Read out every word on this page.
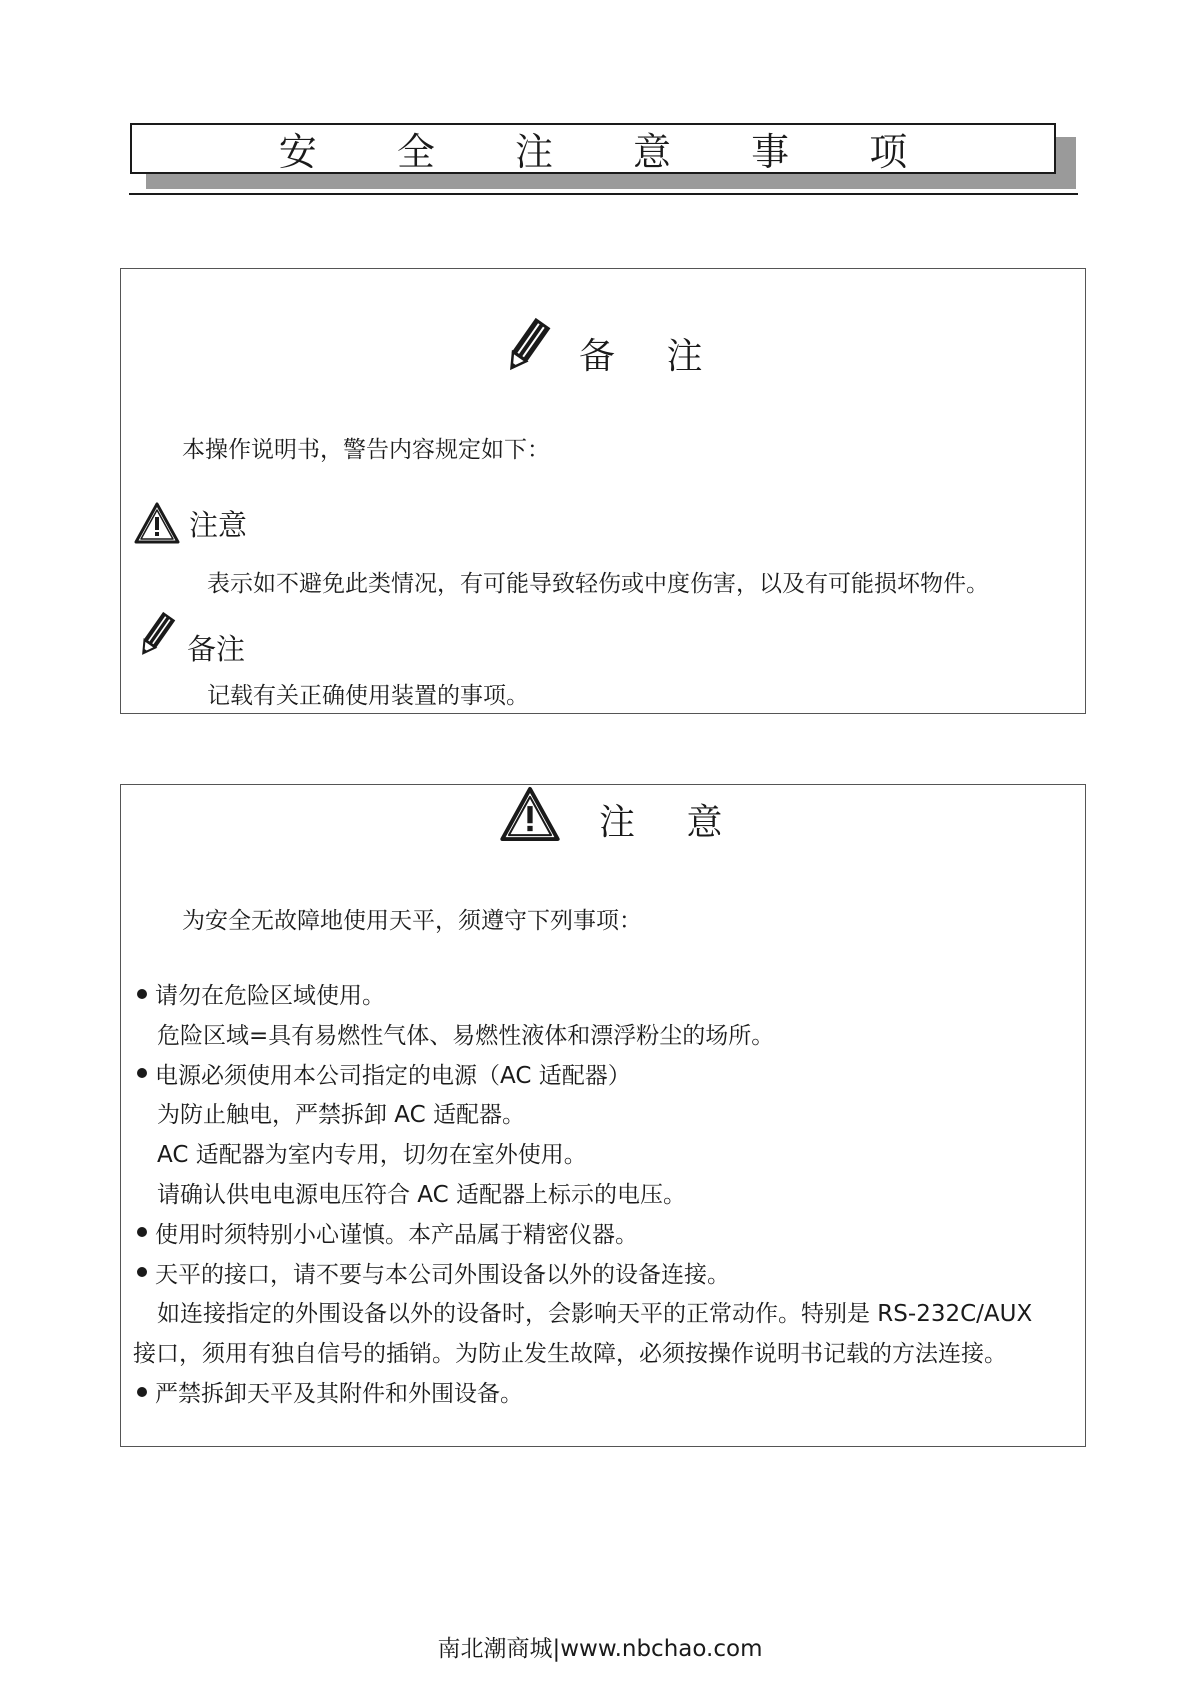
安 全 注 意 事 项
备 注
本操作说明书，警告内容规定如下：
注意
表示如不避免此类情况，有可能导致轻伤或中度伤害，以及有可能损坏物件。
备注
记载有关正确使用装置的事项。
注 意
为安全无故障地使用天平，须遵守下列事项：
请勿在危险区域使用。
危险区域=具有易燃性气体、易燃性液体和漂浮粉尘的场所。
电源必须使用本公司指定的电源（AC 适配器）
为防止触电，严禁拆卸 AC 适配器。
AC 适配器为室内专用，切勿在室外使用。
请确认供电电源电压符合 AC 适配器上标示的电压。
使用时须特别小心谨慎。本产品属于精密仪器。
天平的接口，请不要与本公司外围设备以外的设备连接。
如连接指定的外围设备以外的设备时，会影响天平的正常动作。特别是 RS-232C/AUX
接口，须用有独自信号的插销。为防止发生故障，必须按操作说明书记载的方法连接。
严禁拆卸天平及其附件和外围设备。
南北潮商城|www.nbchao.com
